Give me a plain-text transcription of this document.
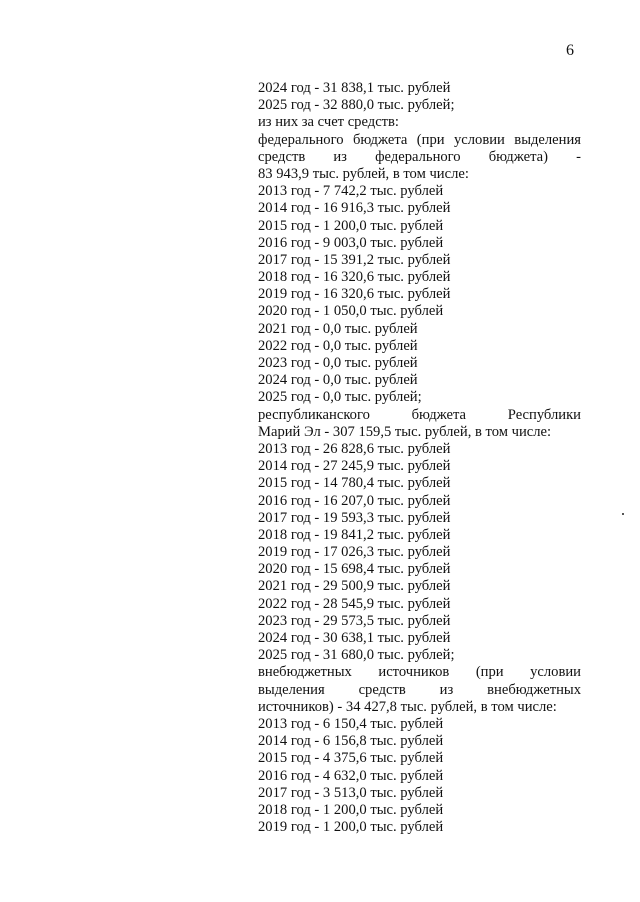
6
2024 год - 31 838,1 тыс. рублей
2025 год - 32 880,0 тыс. рублей;
из них за счет средств:
федерального бюджета (при условии выделения
средств из федерального бюджета) -
83 943,9 тыс. рублей, в том числе:
2013 год - 7 742,2 тыс. рублей
2014 год - 16 916,3 тыс. рублей
2015 год - 1 200,0 тыс. рублей
2016 год - 9 003,0 тыс. рублей
2017 год - 15 391,2 тыс. рублей
2018 год - 16 320,6 тыс. рублей
2019 год - 16 320,6 тыс. рублей
2020 год - 1 050,0 тыс. рублей
2021 год - 0,0 тыс. рублей
2022 год - 0,0 тыс. рублей
2023 год - 0,0 тыс. рублей
2024 год - 0,0 тыс. рублей
2025 год - 0,0 тыс. рублей;
республиканского бюджета Республики
Марий Эл - 307 159,5 тыс. рублей, в том числе:
2013 год - 26 828,6 тыс. рублей
2014 год - 27 245,9 тыс. рублей
2015 год - 14 780,4 тыс. рублей
2016 год - 16 207,0 тыс. рублей
2017 год - 19 593,3 тыс. рублей
2018 год - 19 841,2 тыс. рублей
2019 год - 17 026,3 тыс. рублей
2020 год - 15 698,4 тыс. рублей
2021 год - 29 500,9 тыс. рублей
2022 год - 28 545,9 тыс. рублей
2023 год - 29 573,5 тыс. рублей
2024 год - 30 638,1 тыс. рублей
2025 год - 31 680,0 тыс. рублей;
внебюджетных источников (при условии
выделения средств из внебюджетных
источников) - 34 427,8 тыс. рублей, в том числе:
2013 год - 6 150,4 тыс. рублей
2014 год - 6 156,8 тыс. рублей
2015 год - 4 375,6 тыс. рублей
2016 год - 4 632,0 тыс. рублей
2017 год - 3 513,0 тыс. рублей
2018 год - 1 200,0 тыс. рублей
2019 год - 1 200,0 тыс. рублей
